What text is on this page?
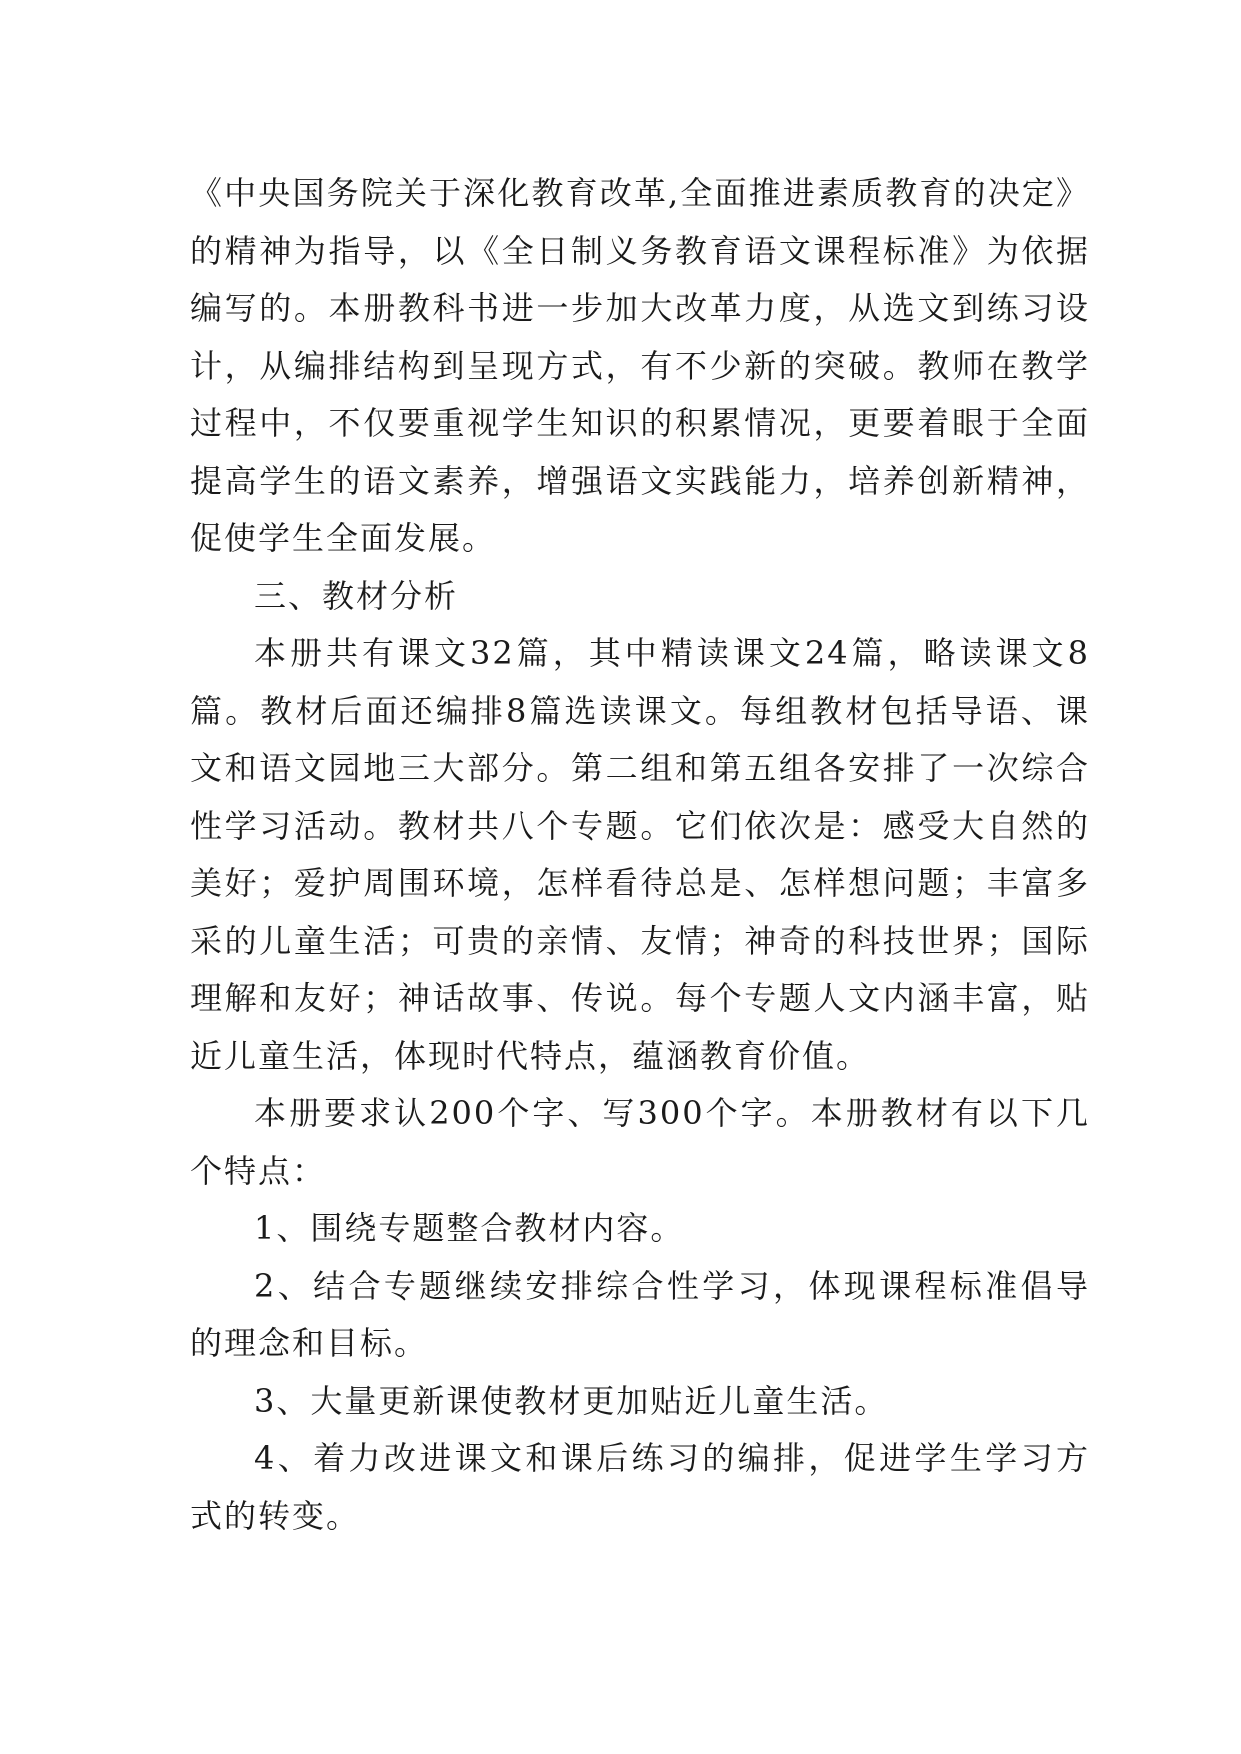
《中央国务院关于深化教育改革,全面推进素质教育的决定》的精神为指导，以《全日制义务教育语文课程标准》为依据编写的。本册教科书进一步加大改革力度，从选文到练习设计，从编排结构到呈现方式，有不少新的突破。教师在教学过程中，不仅要重视学生知识的积累情况，更要着眼于全面提高学生的语文素养，增强语文实践能力，培养创新精神，促使学生全面发展。

三、教材分析

本册共有课文32篇，其中精读课文24篇，略读课文8篇。教材后面还编排8篇选读课文。每组教材包括导语、课文和语文园地三大部分。第二组和第五组各安排了一次综合性学习活动。教材共八个专题。它们依次是：感受大自然的美好；爱护周围环境，怎样看待总是、怎样想问题；丰富多采的儿童生活；可贵的亲情、友情；神奇的科技世界；国际理解和友好；神话故事、传说。每个专题人文内涵丰富，贴近儿童生活，体现时代特点，蕴涵教育价值。

本册要求认200个字、写300个字。本册教材有以下几个特点：

1、围绕专题整合教材内容。

2、结合专题继续安排综合性学习，体现课程标准倡导的理念和目标。

3、大量更新课使教材更加贴近儿童生活。

4、着力改进课文和课后练习的编排，促进学生学习方式的转变。
